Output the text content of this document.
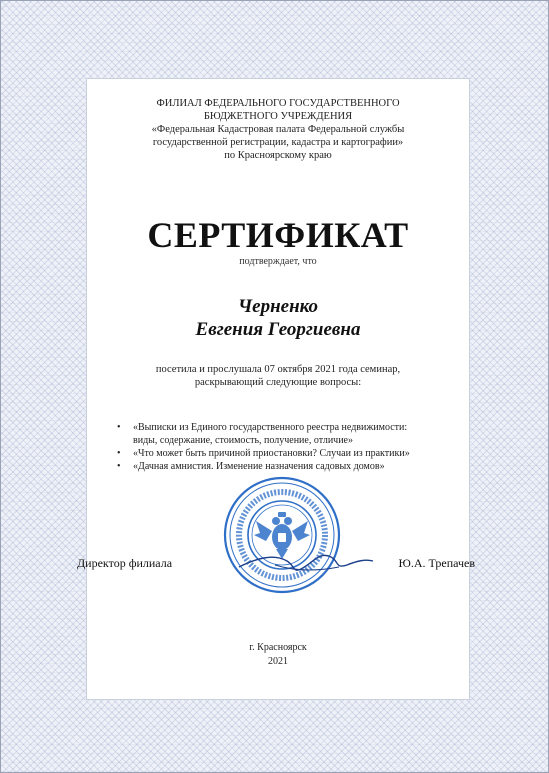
ФИЛИАЛ ФЕДЕРАЛЬНОГО ГОСУДАРСТВЕННОГО
БЮДЖЕТНОГО УЧРЕЖДЕНИЯ
«Федеральная Кадастровая палата Федеральной службы
государственной регистрации, кадастра и картографии»
по Красноярскому краю
СЕРТИФИКАТ
подтверждает, что
Черненко
Евгения Георгиевна
посетила и прослушала 07 октября 2021 года семинар,
раскрывающий следующие вопросы:
• «Выписки из Единого государственного реестра недвижимости:
виды, содержание, стоимость, получение, отличие»
• «Что может быть причиной приостановки? Случаи из практики»
• «Дачная амнистия. Изменение назначения садовых домов»
Директор филиала	Ю.А. Трепачев
г. Красноярск
2021
